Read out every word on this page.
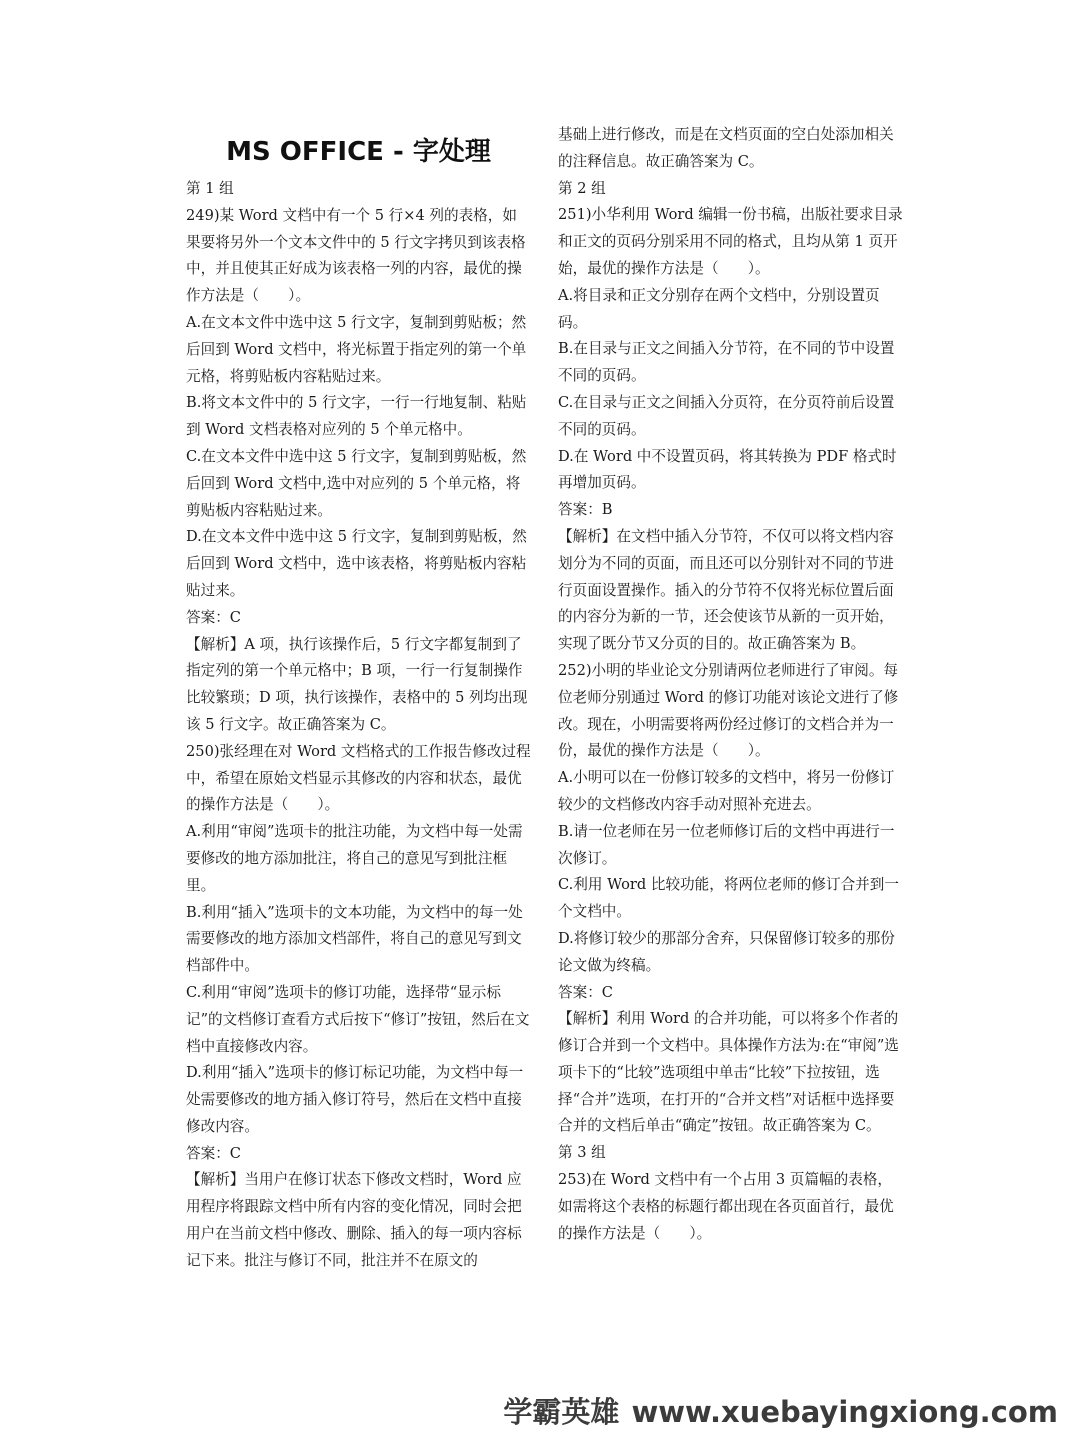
MS OFFICE - 字处理

第 1 组

249)某 Word 文档中有一个 5 行×4 列的表格，如果要将另外一个文本文件中的 5 行文字拷贝到该表格中，并且使其正好成为该表格一列的内容，最优的操作方法是（　　）。

A.在文本文件中选中这 5 行文字，复制到剪贴板；然后回到 Word 文档中，将光标置于指定列的第一个单元格，将剪贴板内容粘贴过来。

B.将文本文件中的 5 行文字，一行一行地复制、粘贴到 Word 文档表格对应列的 5 个单元格中。

C.在文本文件中选中这 5 行文字，复制到剪贴板，然后回到 Word 文档中,选中对应列的 5 个单元格，将剪贴板内容粘贴过来。

D.在文本文件中选中这 5 行文字，复制到剪贴板，然后回到 Word 文档中，选中该表格，将剪贴板内容粘贴过来。

答案：C

【解析】A 项，执行该操作后，5 行文字都复制到了指定列的第一个单元格中；B 项，一行一行复制操作比较繁琐；D 项，执行该操作，表格中的 5 列均出现该 5 行文字。故正确答案为 C。

250)张经理在对 Word 文档格式的工作报告修改过程中，希望在原始文档显示其修改的内容和状态，最优的操作方法是（　　）。

A.利用“审阅”选项卡的批注功能，为文档中每一处需要修改的地方添加批注，将自己的意见写到批注框里。

B.利用“插入”选项卡的文本功能，为文档中的每一处需要修改的地方添加文档部件，将自己的意见写到文档部件中。

C.利用“审阅”选项卡的修订功能，选择带“显示标记”的文档修订查看方式后按下“修订”按钮，然后在文档中直接修改内容。

D.利用“插入”选项卡的修订标记功能，为文档中每一处需要修改的地方插入修订符号，然后在文档中直接修改内容。

答案：C

【解析】当用户在修订状态下修改文档时，Word 应用程序将跟踪文档中所有内容的变化情况，同时会把用户在当前文档中修改、删除、插入的每一项内容标记下来。批注与修订不同，批注并不在原文的

基础上进行修改，而是在文档页面的空白处添加相关的注释信息。故正确答案为 C。

第 2 组

251)小华利用 Word 编辑一份书稿，出版社要求目录和正文的页码分别采用不同的格式，且均从第 1 页开始，最优的操作方法是（　　）。

A.将目录和正文分别存在两个文档中，分别设置页码。

B.在目录与正文之间插入分节符，在不同的节中设置不同的页码。

C.在目录与正文之间插入分页符，在分页符前后设置不同的页码。

D.在 Word 中不设置页码，将其转换为 PDF 格式时再增加页码。

答案：B

【解析】在文档中插入分节符，不仅可以将文档内容划分为不同的页面，而且还可以分别针对不同的节进行页面设置操作。插入的分节符不仅将光标位置后面的内容分为新的一节，还会使该节从新的一页开始，实现了既分节又分页的目的。故正确答案为 B。

252)小明的毕业论文分别请两位老师进行了审阅。每位老师分别通过 Word 的修订功能对该论文进行了修改。现在，小明需要将两份经过修订的文档合并为一份，最优的操作方法是（　　）。

A.小明可以在一份修订较多的文档中，将另一份修订较少的文档修改内容手动对照补充进去。

B.请一位老师在另一位老师修订后的文档中再进行一次修订。

C.利用 Word 比较功能，将两位老师的修订合并到一个文档中。

D.将修订较少的那部分舍弃，只保留修订较多的那份论文做为终稿。

答案：C

【解析】利用 Word 的合并功能，可以将多个作者的修订合并到一个文档中。具体操作方法为:在“审阅”选项卡下的“比较”选项组中单击“比较”下拉按钮，选择“合并”选项，在打开的“合并文档”对话框中选择要合并的文档后单击“确定”按钮。故正确答案为 C。

第 3 组

253)在 Word 文档中有一个占用 3 页篇幅的表格，如需将这个表格的标题行都出现在各页面首行，最优的操作方法是（　　）。

学霸英雄 www.xuebayingxiong.com
